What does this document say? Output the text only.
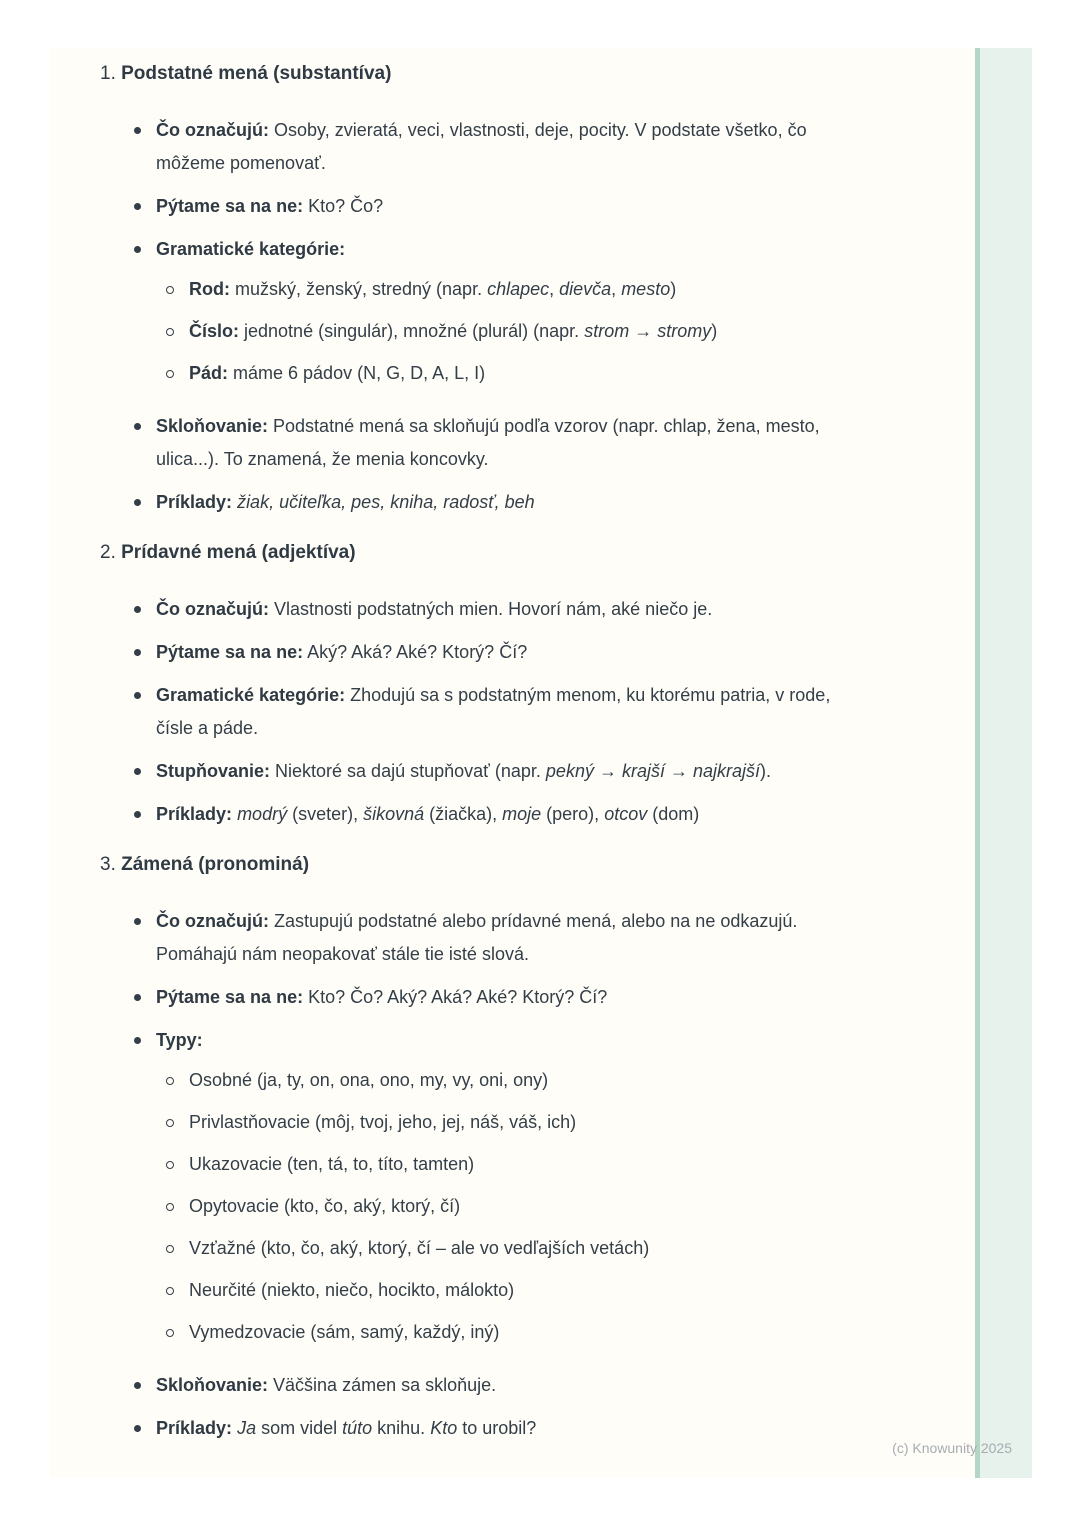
1. Podstatné mená (substantíva)
Čo označujú: Osoby, zvieratá, veci, vlastnosti, deje, pocity. V podstate všetko, čo môžeme pomenovať.
Pýtame sa na ne: Kto? Čo?
Gramatické kategórie:
Rod: mužský, ženský, stredný (napr. chlapec, dievča, mesto)
Číslo: jednotné (singulár), množné (plurál) (napr. strom → stromy)
Pád: máme 6 pádov (N, G, D, A, L, I)
Skloňovanie: Podstatné mená sa skloňujú podľa vzorov (napr. chlap, žena, mesto, ulica...). To znamená, že menia koncovky.
Príklady: žiak, učiteľka, pes, kniha, radosť, beh
2. Prídavné mená (adjektíva)
Čo označujú: Vlastnosti podstatných mien. Hovorí nám, aké niečo je.
Pýtame sa na ne: Aký? Aká? Aké? Ktorý? Čí?
Gramatické kategórie: Zhodujú sa s podstatným menom, ku ktorému patria, v rode, čísle a páde.
Stupňovanie: Niektoré sa dajú stupňovať (napr. pekný → krajší → najkrajší).
Príklady: modrý (sveter), šikovná (žiačka), moje (pero), otcov (dom)
3. Zámená (pronominá)
Čo označujú: Zastupujú podstatné alebo prídavné mená, alebo na ne odkazujú. Pomáhajú nám neopakovať stále tie isté slová.
Pýtame sa na ne: Kto? Čo? Aký? Aká? Aké? Ktorý? Čí?
Typy:
Osobné (ja, ty, on, ona, ono, my, vy, oni, ony)
Privlastňovacie (môj, tvoj, jeho, jej, náš, váš, ich)
Ukazovacie (ten, tá, to, títo, tamten)
Opytovacie (kto, čo, aký, ktorý, čí)
Vzťažné (kto, čo, aký, ktorý, čí – ale vo vedľajších vetách)
Neurčité (niekto, niečo, hocikto, málokto)
Vymedzovacie (sám, samý, každý, iný)
Skloňovanie: Väčšina zámen sa skloňuje.
Príklady: Ja som videl túto knihu. Kto to urobil?
(c) Knowunity 2025
